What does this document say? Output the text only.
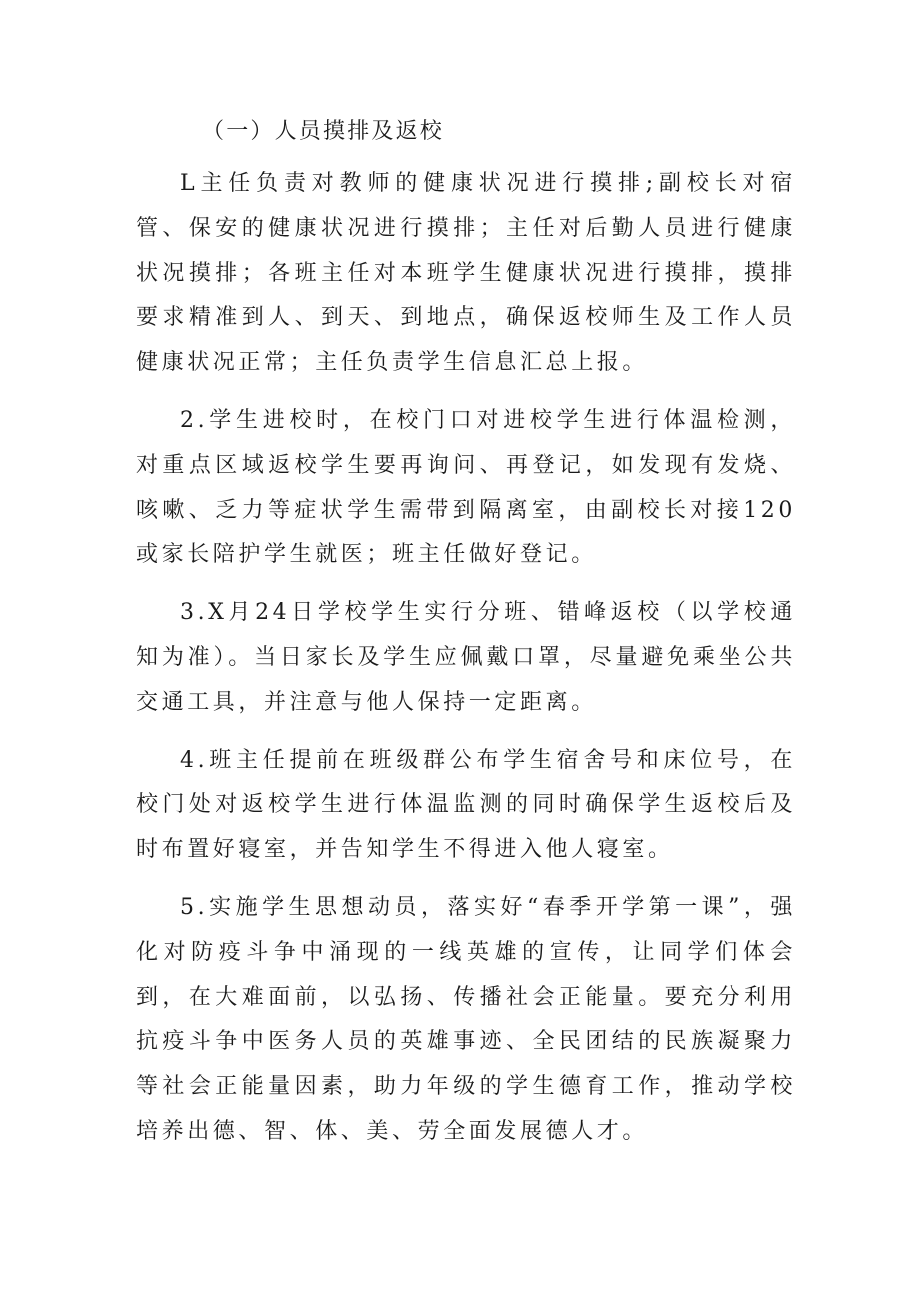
（一）人员摸排及返校

L主任负责对教师的健康状况进行摸排;副校长对宿管、保安的健康状况进行摸排；主任对后勤人员进行健康状况摸排；各班主任对本班学生健康状况进行摸排，摸排要求精准到人、到天、到地点，确保返校师生及工作人员健康状况正常；主任负责学生信息汇总上报。

2.学生进校时，在校门口对进校学生进行体温检测，对重点区域返校学生要再询问、再登记，如发现有发烧、咳嗽、乏力等症状学生需带到隔离室，由副校长对接120或家长陪护学生就医；班主任做好登记。

3.X月24日学校学生实行分班、错峰返校（以学校通知为准）。当日家长及学生应佩戴口罩，尽量避免乘坐公共交通工具，并注意与他人保持一定距离。

4.班主任提前在班级群公布学生宿舍号和床位号，在校门处对返校学生进行体温监测的同时确保学生返校后及时布置好寝室，并告知学生不得进入他人寝室。

5.实施学生思想动员，落实好“春季开学第一课”，强化对防疫斗争中涌现的一线英雄的宣传，让同学们体会到，在大难面前，以弘扬、传播社会正能量。要充分利用抗疫斗争中医务人员的英雄事迹、全民团结的民族凝聚力等社会正能量因素，助力年级的学生德育工作，推动学校培养出德、智、体、美、劳全面发展德人才。
